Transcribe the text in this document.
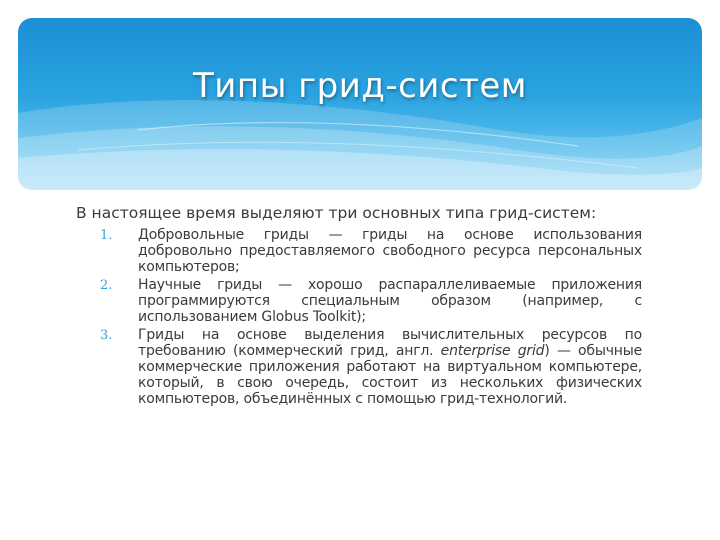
Типы грид-систем

В настоящее время выделяют три основных типа грид-систем:

1. Добровольные гриды — гриды на основе использования добровольно предоставляемого свободного ресурса персональных компьютеров;
2. Научные гриды — хорошо распараллеливаемые приложения программируются специальным образом (например, с использованием Globus Toolkit);
3. Гриды на основе выделения вычислительных ресурсов по требованию (коммерческий грид, англ. enterprise grid) — обычные коммерческие приложения работают на виртуальном компьютере, который, в свою очередь, состоит из нескольких физических компьютеров, объединённых с помощью грид-технологий.
